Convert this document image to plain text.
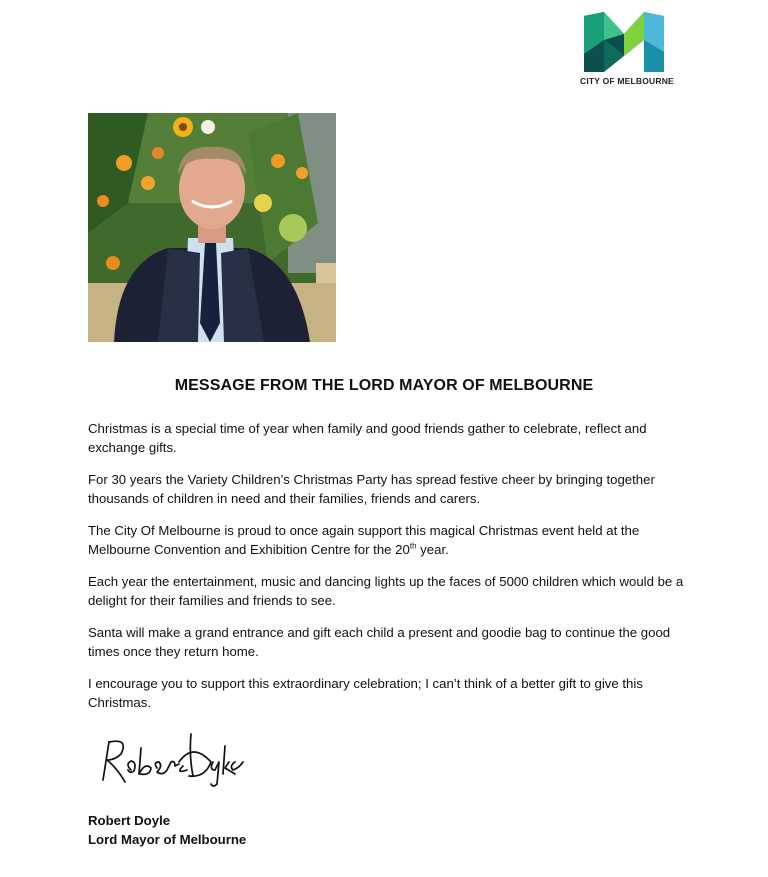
CITY OF MELBOURNE
MESSAGE FROM THE LORD MAYOR OF MELBOURNE

Christmas is a special time of year when family and good friends gather to celebrate, reflect and exchange gifts.

For 30 years the Variety Children’s Christmas Party has spread festive cheer by bringing together thousands of children in need and their families, friends and carers.

The City Of Melbourne is proud to once again support this magical Christmas event held at the Melbourne Convention and Exhibition Centre for the 20th year.

Each year the entertainment, music and dancing lights up the faces of 5000 children which would be a delight for their families and friends to see.

Santa will make a grand entrance and gift each child a present and goodie bag to continue the good times once they return home.

I encourage you to support this extraordinary celebration; I can’t think of a better gift to give this Christmas.

Robert Doyle
Lord Mayor of Melbourne
